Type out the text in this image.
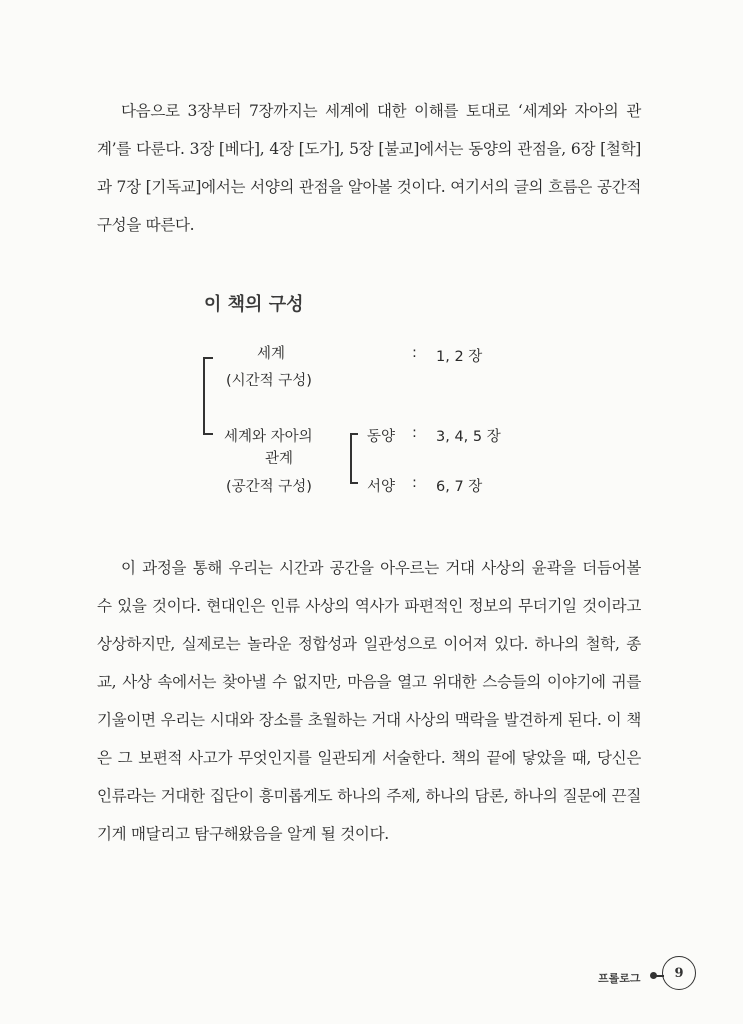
다음으로 3장부터 7장까지는 세계에 대한 이해를 토대로 ‘세계와 자아의 관계’를 다룬다. 3장 [베다], 4장 [도가], 5장 [불교]에서는 동양의 관점을, 6장 [철학]과 7장 [기독교]에서는 서양의 관점을 알아볼 것이다. 여기서의 글의 흐름은 공간적 구성을 따른다.

이 책의 구성

세계
(시간적 구성)
: 1, 2 장
세계와 자아의
관계
(공간적 구성)
동양 : 3, 4, 5 장
서양 : 6, 7 장

이 과정을 통해 우리는 시간과 공간을 아우르는 거대 사상의 윤곽을 더듬어볼 수 있을 것이다. 현대인은 인류 사상의 역사가 파편적인 정보의 무더기일 것이라고 상상하지만, 실제로는 놀라운 정합성과 일관성으로 이어져 있다. 하나의 철학, 종교, 사상 속에서는 찾아낼 수 없지만, 마음을 열고 위대한 스승들의 이야기에 귀를 기울이면 우리는 시대와 장소를 초월하는 거대 사상의 맥락을 발견하게 된다. 이 책은 그 보편적 사고가 무엇인지를 일관되게 서술한다. 책의 끝에 닿았을 때, 당신은 인류라는 거대한 집단이 흥미롭게도 하나의 주제, 하나의 담론, 하나의 질문에 끈질기게 매달리고 탐구해왔음을 알게 될 것이다.

프롤로그	9
